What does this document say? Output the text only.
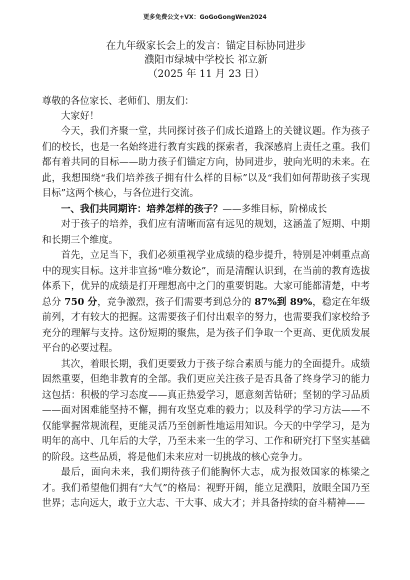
更多免费公文+VX：GoGoGongWen2024
在九年级家长会上的发言：锚定目标协同进步
濮阳市绿城中学校长 祁立新
（2025 年 11 月 23 日）
尊敬的各位家长、老师们、朋友们：
大家好！

今天，我们齐聚一堂，共同探讨孩子们成长道路上的关键议题。作为孩子们的校长，也是一名始终进行教育实践的探索者，我深感肩上责任之重。我们都有着共同的目标——助力孩子们锚定方向，协同进步，驶向光明的未来。在此，我想围绕“我们培养孩子拥有什么样的目标”以及“我们如何帮助孩子实现目标”这两个核心，与各位进行交流。

一、我们共同期许：培养怎样的孩子？——多维目标，阶梯成长

对于孩子的培养，我们应有清晰而富有远见的规划，这涵盖了短期、中期和长期三个维度。

首先，立足当下，我们必须重视学业成绩的稳步提升，特别是冲刺重点高中的现实目标。这并非宣扬“唯分数论”，而是清醒认识到，在当前的教育选拔体系下，优异的成绩是打开理想高中之门的重要钥匙。大家可能都清楚，中考总分 750 分，竞争激烈，孩子们需要考到总分的 87%到 89%，稳定在年级前列，才有较大的把握。这需要孩子们付出艰辛的努力，也需要我们家校给予充分的理解与支持。这份短期的聚焦，是为孩子们争取一个更高、更优质发展平台的必要过程。

其次，着眼长期，我们更要致力于孩子综合素质与能力的全面提升。成绩固然重要，但绝非教育的全部。我们更应关注孩子是否具备了终身学习的能力这包括：积极的学习态度——真正热爱学习，愿意刻苦钻研；坚韧的学习品质——面对困难能坚持不懈，拥有攻坚克难的毅力；以及科学的学习方法——不仅能掌握常规流程，更能灵活乃至创新性地运用知识。今天的中学学习，是为明年的高中、几年后的大学，乃至未来一生的学习、工作和研究打下坚实基础的阶段。这些品质，将是他们未来应对一切挑战的核心竞争力。

最后，面向未来，我们期待孩子们能胸怀大志，成为报效国家的栋梁之才。我们希望他们拥有“大气”的格局：视野开阔，能立足濮阳，放眼全国乃至世界；志向远大，敢于立大志、干大事、成大才；并具备持续的奋斗精神——
